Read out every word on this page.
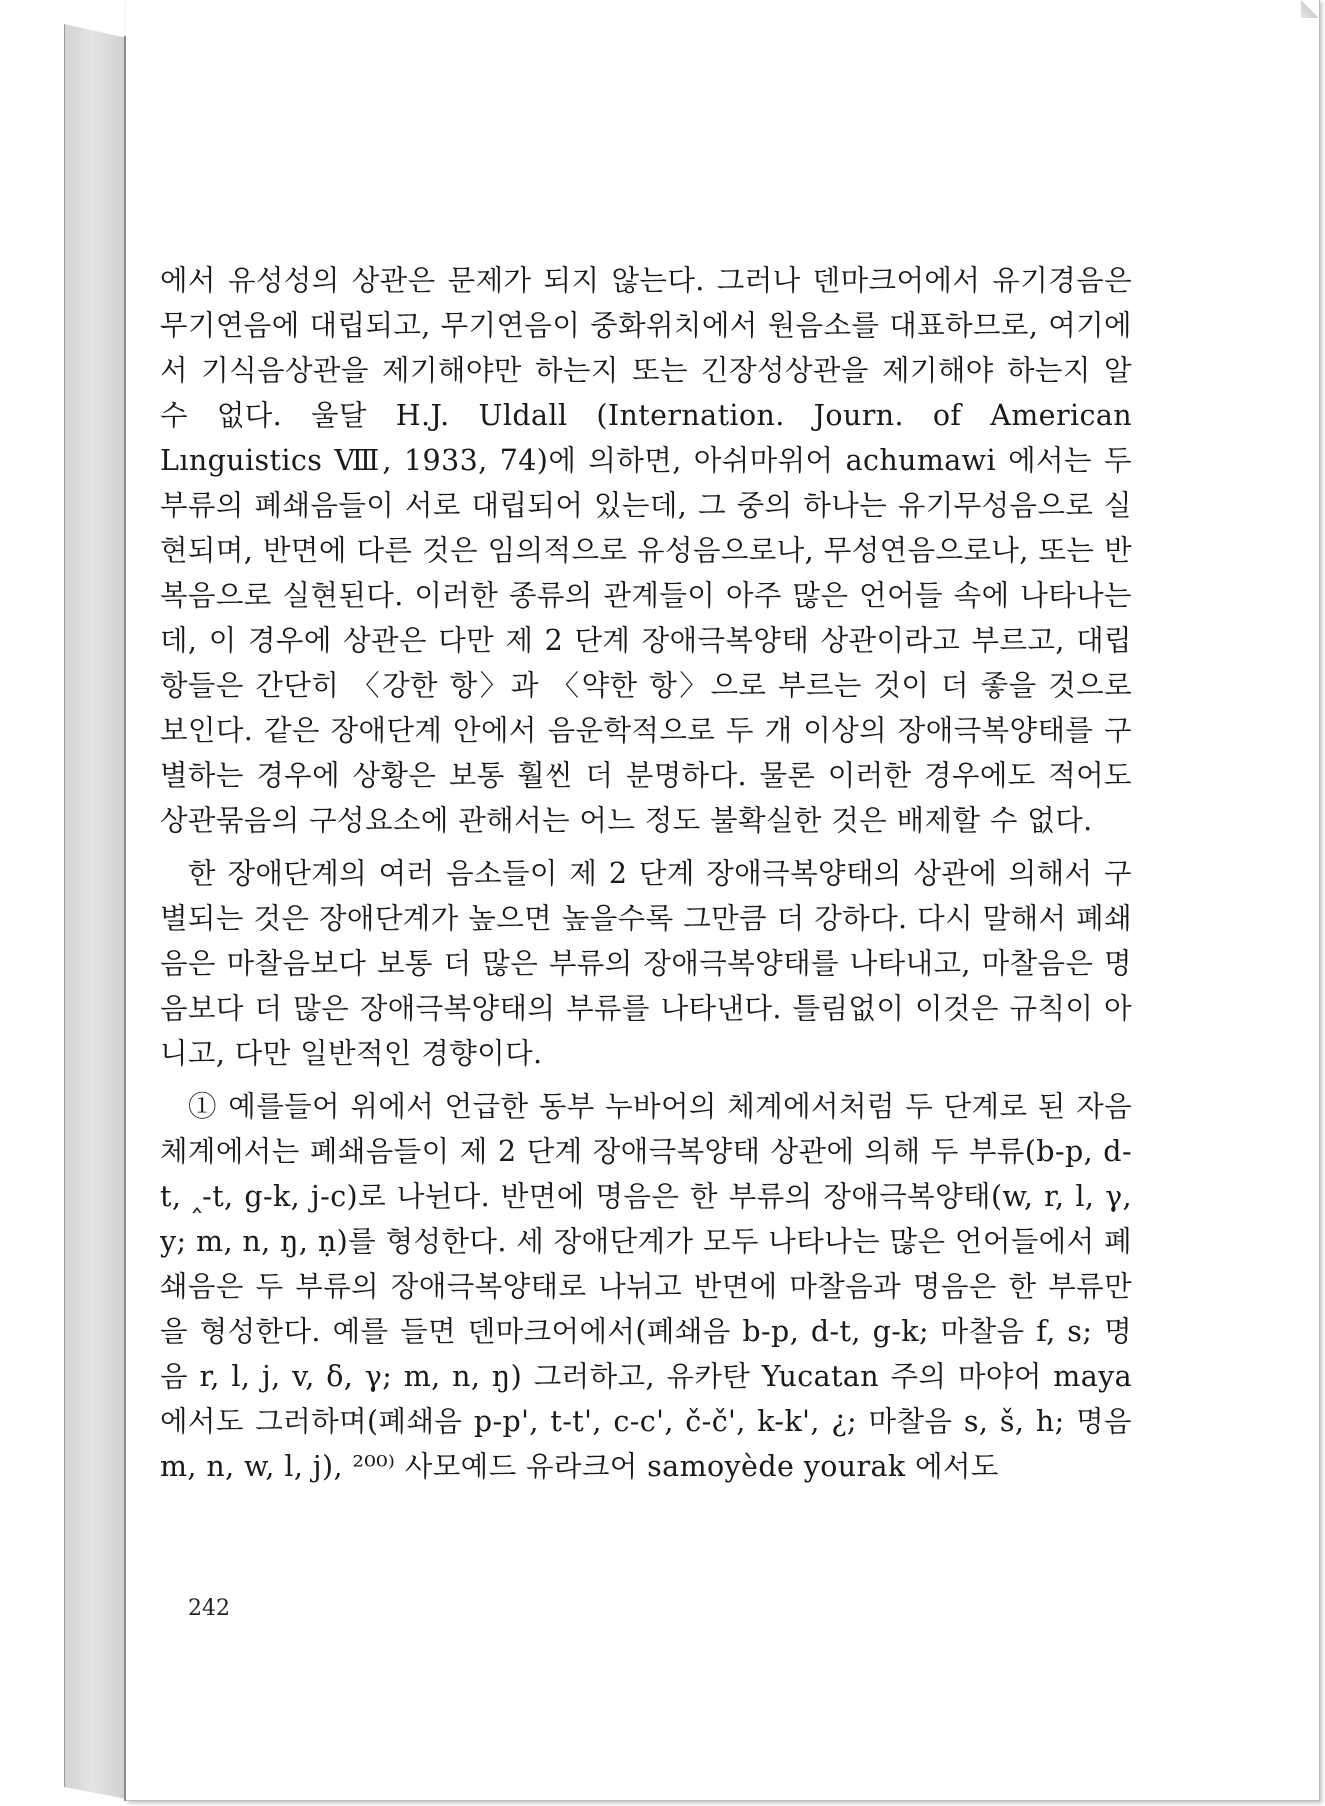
에서 유성성의 상관은 문제가 되지 않는다. 그러나 덴마크어에서 유기경음은 무기연음에 대립되고, 무기연음이 중화위치에서 원음소를 대표하므로, 여기에서 기식음상관을 제기해야만 하는지 또는 긴장성상관을 제기해야 하는지 알 수 없다. 울달 H.J. Uldall (Internation. Journ. of American Lınguistics Ⅷ, 1933, 74)에 의하면, 아쉬마위어 achumawi 에서는 두 부류의 폐쇄음들이 서로 대립되어 있는데, 그 중의 하나는 유기무성음으로 실현되며, 반면에 다른 것은 임의적으로 유성음으로나, 무성연음으로나, 또는 반복음으로 실현된다. 이러한 종류의 관계들이 아주 많은 언어들 속에 나타나는데, 이 경우에 상관은 다만 제 2 단계 장애극복양태 상관이라고 부르고, 대립항들은 간단히 〈강한 항〉과 〈약한 항〉으로 부르는 것이 더 좋을 것으로 보인다. 같은 장애단계 안에서 음운학적으로 두 개 이상의 장애극복양태를 구별하는 경우에 상황은 보통 훨씬 더 분명하다. 물론 이러한 경우에도 적어도 상관묶음의 구성요소에 관해서는 어느 정도 불확실한 것은 배제할 수 없다.

한 장애단계의 여러 음소들이 제 2 단계 장애극복양태의 상관에 의해서 구별되는 것은 장애단계가 높으면 높을수록 그만큼 더 강하다. 다시 말해서 폐쇄음은 마찰음보다 보통 더 많은 부류의 장애극복양태를 나타내고, 마찰음은 명음보다 더 많은 장애극복양태의 부류를 나타낸다. 틀림없이 이것은 규칙이 아니고, 다만 일반적인 경향이다.

① 예를들어 위에서 언급한 동부 누바어의 체계에서처럼 두 단계로 된 자음체계에서는 폐쇄음들이 제 2 단계 장애극복양태 상관에 의해 두 부류(b-p, d-t, ‸-t, g-k, j-c)로 나뉜다. 반면에 명음은 한 부류의 장애극복양태(w, r, l, γ, y; m, n, ŋ, ṇ)를 형성한다. 세 장애단계가 모두 나타나는 많은 언어들에서 폐쇄음은 두 부류의 장애극복양태로 나뉘고 반면에 마찰음과 명음은 한 부류만을 형성한다. 예를 들면 덴마크어에서(폐쇄음 b-p, d-t, g-k; 마찰음 f, s; 명음 r, l, j, v, δ, γ; m, n, ŋ) 그러하고, 유카탄 Yucatan 주의 마야어 maya 에서도 그러하며(폐쇄음 p-p', t-t', c-c', č-č', k-k', ¿; 마찰음 s, š, h; 명음 m, n, w, l, j), ²⁰⁰⁾ 사모예드 유라크어 samoyède yourak 에서도

242
